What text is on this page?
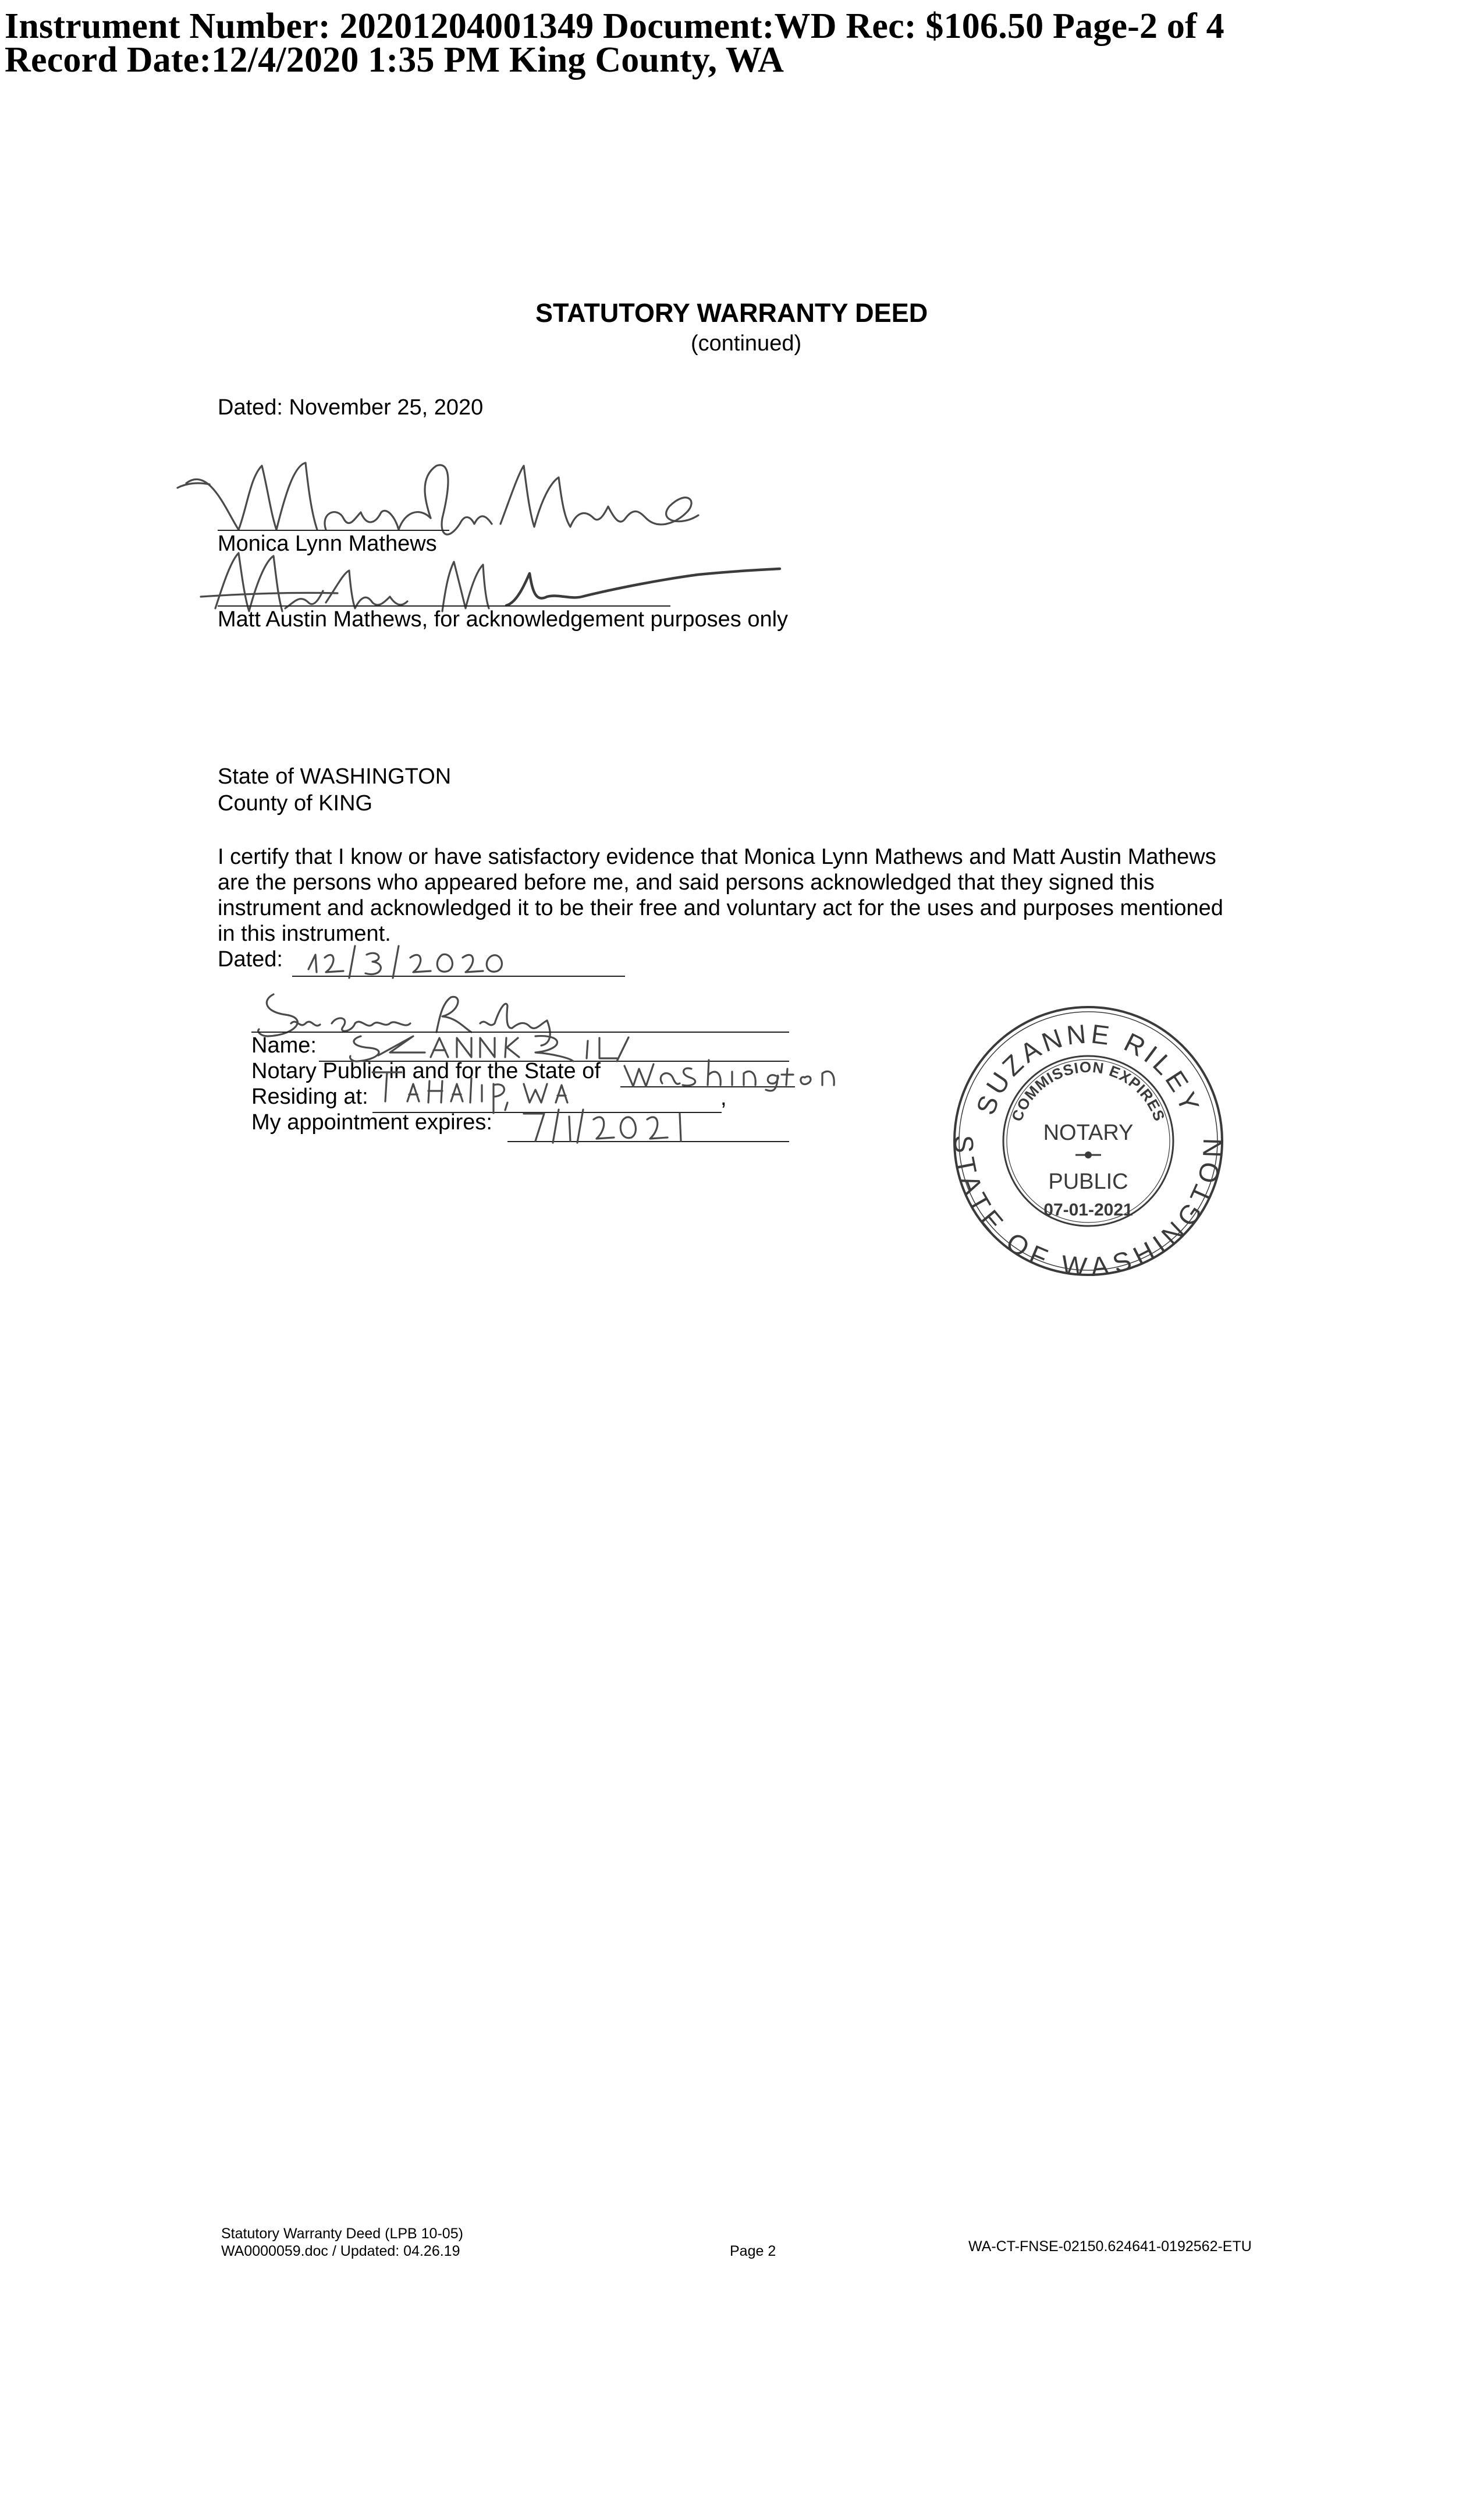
Instrument Number: 20201204001349 Document:WD Rec: $106.50 Page-2 of 4
Record Date:12/4/2020 1:35 PM King County, WA
STATUTORY WARRANTY DEED
(continued)
Dated: November 25, 2020
Monica Lynn Mathews
Matt Austin Mathews, for acknowledgement purposes only
State of WASHINGTON
County of KING
I certify that I know or have satisfactory evidence that Monica Lynn Mathews and Matt Austin Mathews
are the persons who appeared before me, and said persons acknowledged that they signed this
instrument and acknowledged it to be their free and voluntary act for the uses and purposes mentioned
in this instrument.
Dated:
Name:
Notary Public in and for the State of
Residing at:	,
My appointment expires:
SUZANNE RILEY
COMMISSION EXPIRES
NOTARY
PUBLIC
07-01-2021
STATE OF WASHINGTON
Statutory Warranty Deed (LPB 10-05)
WA0000059.doc / Updated: 04.26.19	Page 2	WA-CT-FNSE-02150.624641-0192562-ETU
